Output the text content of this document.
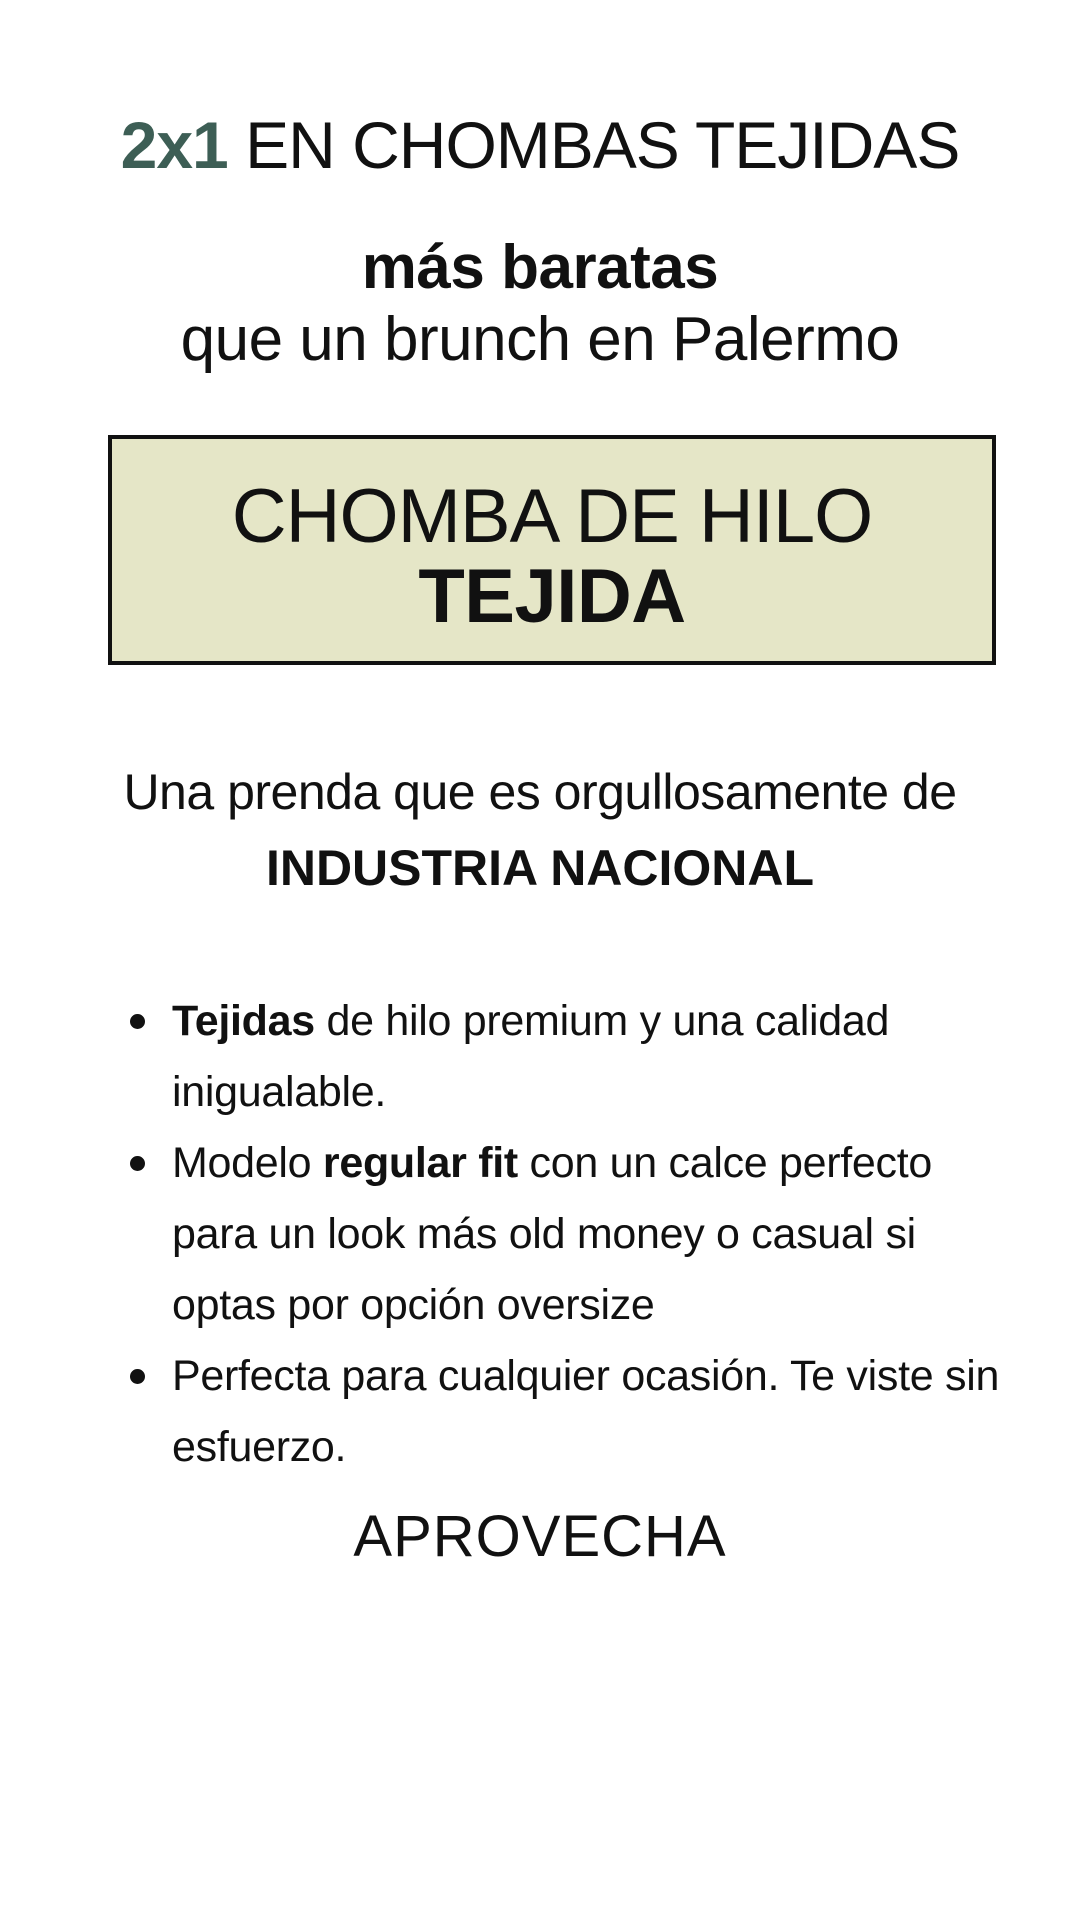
2x1 EN CHOMBAS TEJIDAS
más baratas
que un brunch en Palermo
CHOMBA DE HILO
TEJIDA
Una prenda que es orgullosamente de
INDUSTRIA NACIONAL
Tejidas de hilo premium y una calidad inigualable.
Modelo regular fit con un calce perfecto para un look más old money o casual si optas por opción oversize
Perfecta para cualquier ocasión. Te viste sin esfuerzo.
APROVECHA
